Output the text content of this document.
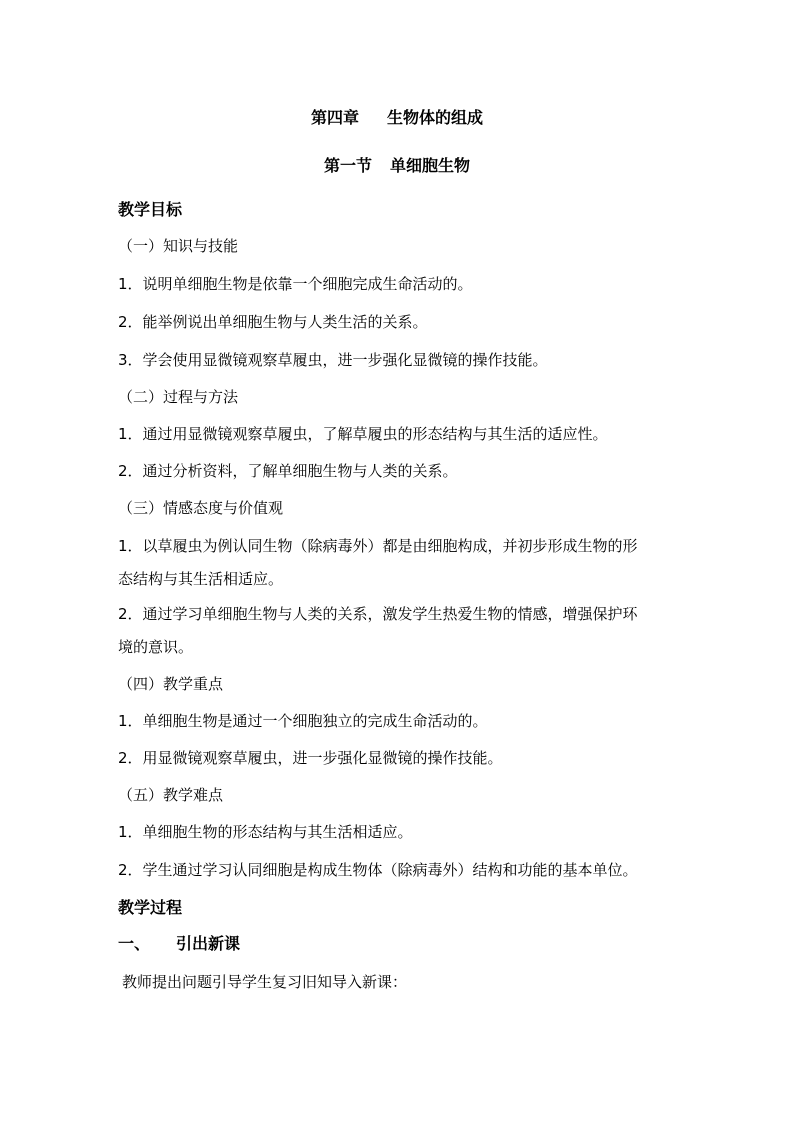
第四章 生物体的组成
第一节 单细胞生物
教学目标
（一）知识与技能
1．说明单细胞生物是依靠一个细胞完成生命活动的。
2．能举例说出单细胞生物与人类生活的关系。
3．学会使用显微镜观察草履虫，进一步强化显微镜的操作技能。
（二）过程与方法
1．通过用显微镜观察草履虫，了解草履虫的形态结构与其生活的适应性。
2．通过分析资料，了解单细胞生物与人类的关系。
（三）情感态度与价值观
1．以草履虫为例认同生物（除病毒外）都是由细胞构成，并初步形成生物的形
态结构与其生活相适应。
2．通过学习单细胞生物与人类的关系，激发学生热爱生物的情感，增强保护环
境的意识。
（四）教学重点
1．单细胞生物是通过一个细胞独立的完成生命活动的。
2．用显微镜观察草履虫，进一步强化显微镜的操作技能。
（五）教学难点
1．单细胞生物的形态结构与其生活相适应。
2．学生通过学习认同细胞是构成生物体（除病毒外）结构和功能的基本单位。
教学过程
一、 引出新课
教师提出问题引导学生复习旧知导入新课：
